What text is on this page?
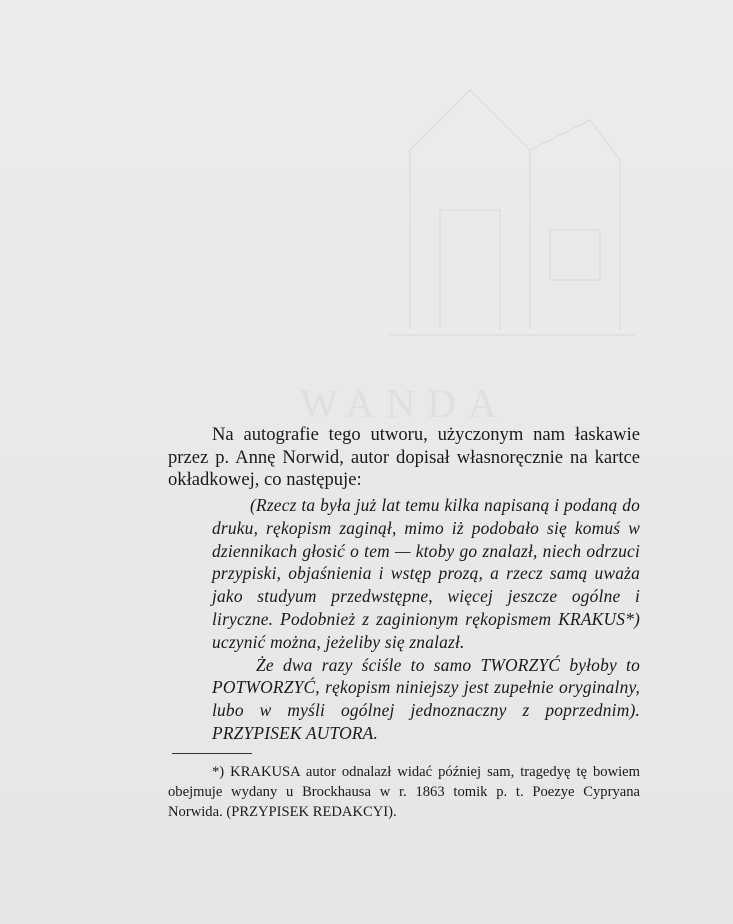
WANDA

Na autografie tego utworu, użyczonym nam łaskawie przez p. Annę Norwid, autor dopisał własnoręcznie na kartce okładkowej, co następuje:

(Rzecz ta była już lat temu kilka napisaną i podaną do druku, rękopism zaginął, mimo iż podobało się komuś w dziennikach głosić o tem — ktoby go znalazł, niech odrzuci przypiski, objaśnienia i wstęp prozą, a rzecz samą uważa jako studyum przedwstępne, więcej jeszcze ogólne i liryczne. Podobnież z zaginionym rękopismem KRAKUS*) uczynić można, jeżeliby się znalazł.

Że dwa razy ściśle to samo TWORZYĆ byłoby to POTWORZYĆ, rękopism niniejszy jest zupełnie oryginalny, lubo w myśli ogólnej jednoznaczny z poprzednim). PRZYPISEK AUTORA.

*) KRAKUSA autor odnalazł widać później sam, tragedyę tę bowiem obejmuje wydany u Brockhausa w r. 1863 tomik p. t. Poezye Cypryana Norwida. (PRZYPISEK REDAKCYI).
